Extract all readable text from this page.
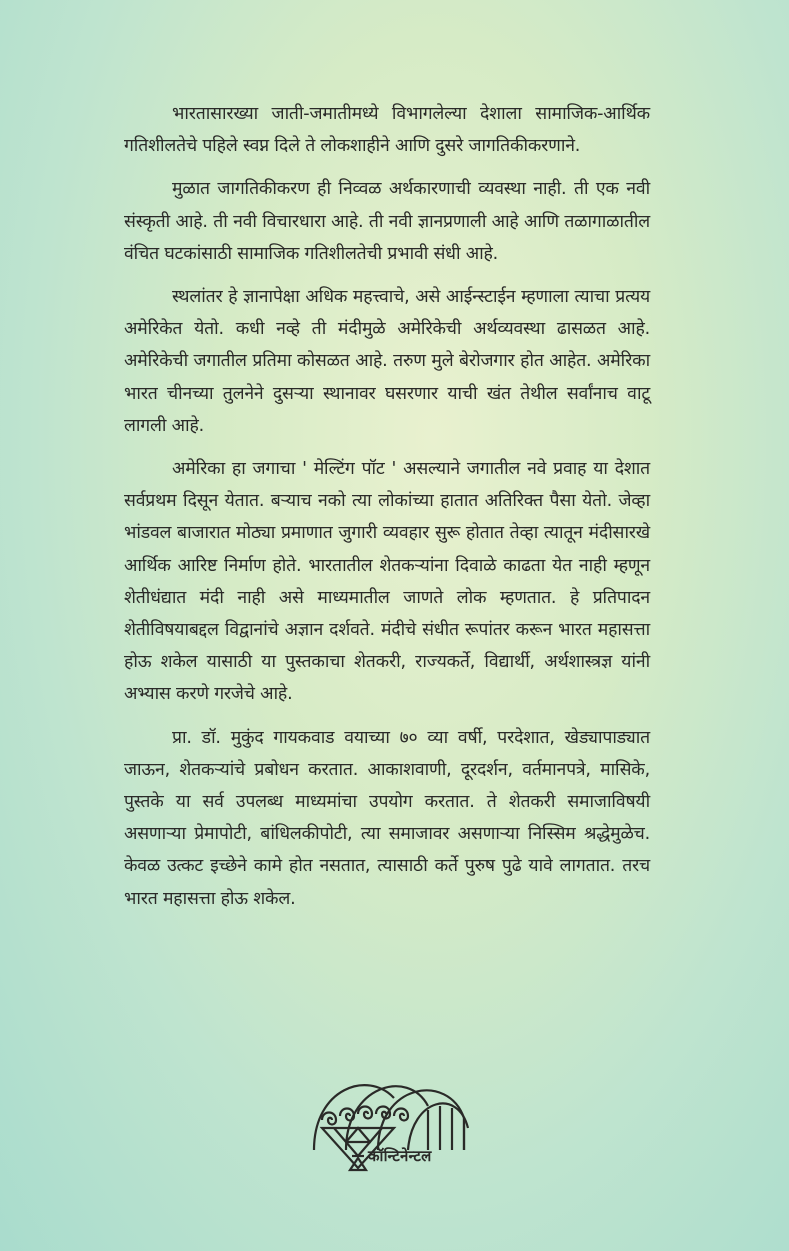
भारतासारख्या जाती-जमातीमध्ये विभागलेल्या देशाला सामाजिक-आर्थिक गतिशीलतेचे पहिले स्वप्न दिले ते लोकशाहीने आणि दुसरे जागतिकीकरणाने.

मुळात जागतिकीकरण ही निव्वळ अर्थकारणाची व्यवस्था नाही. ती एक नवी संस्कृती आहे. ती नवी विचारधारा आहे. ती नवी ज्ञानप्रणाली आहे आणि तळागाळातील वंचित घटकांसाठी सामाजिक गतिशीलतेची प्रभावी संधी आहे.

स्थलांतर हे ज्ञानापेक्षा अधिक महत्त्वाचे, असे आईन्स्टाईन म्हणाला त्याचा प्रत्यय अमेरिकेत येतो. कधी नव्हे ती मंदीमुळे अमेरिकेची अर्थव्यवस्था ढासळत आहे. अमेरिकेची जगातील प्रतिमा कोसळत आहे. तरुण मुले बेरोजगार होत आहेत. अमेरिका भारत चीनच्या तुलनेने दुसऱ्या स्थानावर घसरणार याची खंत तेथील सर्वांनाच वाटू लागली आहे.

अमेरिका हा जगाचा ' मेल्टिंग पॉट ' असल्याने जगातील नवे प्रवाह या देशात सर्वप्रथम दिसून येतात. बऱ्याच नको त्या लोकांच्या हातात अतिरिक्त पैसा येतो. जेव्हा भांडवल बाजारात मोठ्या प्रमाणात जुगारी व्यवहार सुरू होतात तेव्हा त्यातून मंदीसारखे आर्थिक आरिष्ट निर्माण होते. भारतातील शेतकऱ्यांना दिवाळे काढता येत नाही म्हणून शेतीधंद्यात मंदी नाही असे माध्यमातील जाणते लोक म्हणतात. हे प्रतिपादन शेतीविषयाबद्दल विद्वानांचे अज्ञान दर्शवते. मंदीचे संधीत रूपांतर करून भारत महासत्ता होऊ शकेल यासाठी या पुस्तकाचा शेतकरी, राज्यकर्ते, विद्यार्थी, अर्थशास्त्रज्ञ यांनी अभ्यास करणे गरजेचे आहे.

प्रा. डॉ. मुकुंद गायकवाड वयाच्या ७० व्या वर्षी, परदेशात, खेड्यापाड्यात जाऊन, शेतकऱ्यांचे प्रबोधन करतात. आकाशवाणी, दूरदर्शन, वर्तमानपत्रे, मासिके, पुस्तके या सर्व उपलब्ध माध्यमांचा उपयोग करतात. ते शेतकरी समाजाविषयी असणाऱ्या प्रेमापोटी, बांधिलकीपोटी, त्या समाजावर असणाऱ्या निस्सिम श्रद्धेमुळेच. केवळ उत्कट इच्छेने कामे होत नसतात, त्यासाठी कर्ते पुरुष पुढे यावे लागतात. तरच भारत महासत्ता होऊ शकेल.

कॉन्टिनेन्टल
